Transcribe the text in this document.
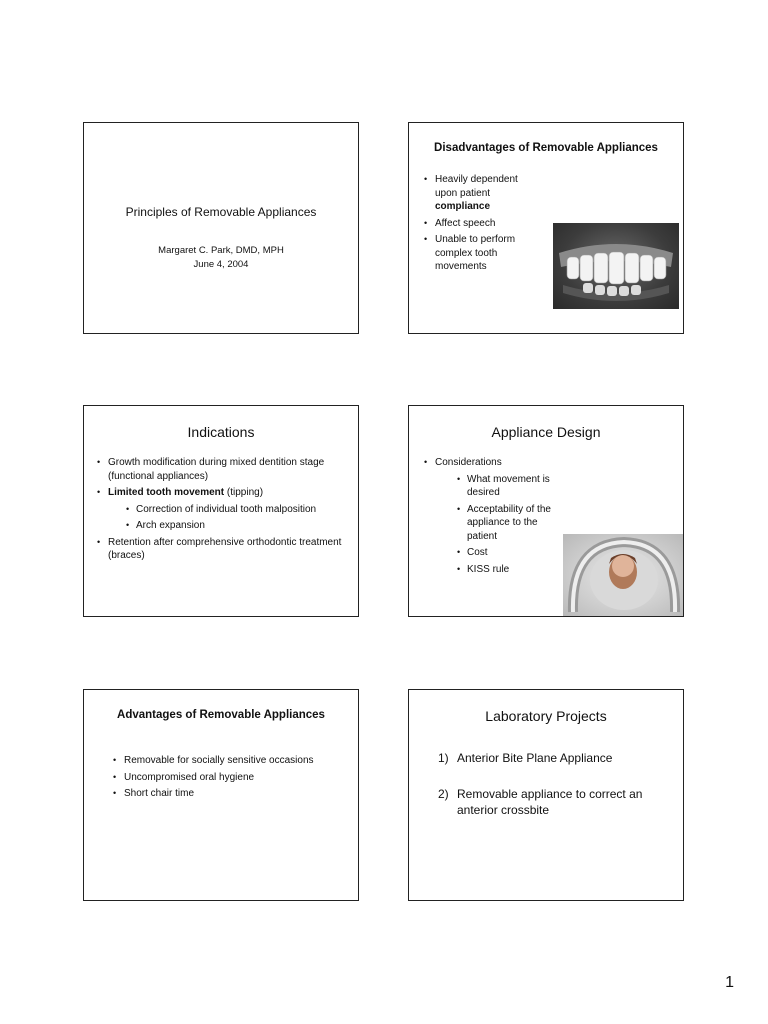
Principles of Removable Appliances
Margaret C. Park, DMD, MPH
June 4, 2004
Disadvantages of Removable Appliances
• Heavily dependent upon patient
compliance
• Affect speech
• Unable to perform complex tooth movements
Indications
• Growth modification during mixed dentition stage (functional appliances)
• Limited tooth movement (tipping)
• Correction of individual tooth malposition
• Arch expansion
• Retention after comprehensive orthodontic treatment (braces)
Appliance Design
• Considerations
• What movement is desired
• Acceptability of the appliance to the patient
• Cost
• KISS rule
Advantages of Removable Appliances
• Removable for socially sensitive occasions
• Uncompromised oral hygiene
• Short chair time
Laboratory Projects
1) Anterior Bite Plane Appliance
2) Removable appliance to correct an anterior crossbite
1
